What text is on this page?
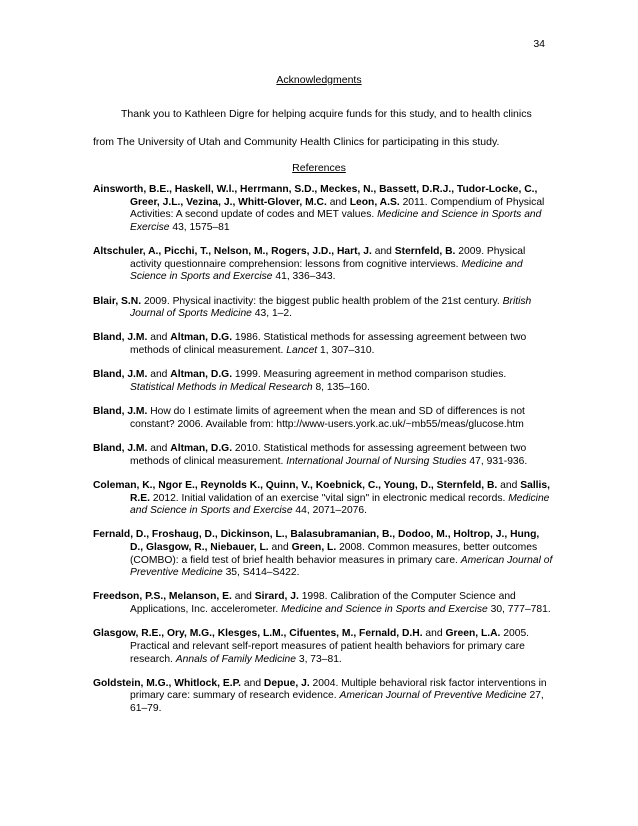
34
Acknowledgments

Thank you to Kathleen Digre for helping acquire funds for this study, and to health clinics from The University of Utah and Community Health Clinics for participating in this study.

References

Ainsworth, B.E., Haskell, W.l., Herrmann, S.D., Meckes, N., Bassett, D.R.J., Tudor-Locke, C., Greer, J.L., Vezina, J., Whitt-Glover, M.C. and Leon, A.S. 2011. Compendium of Physical Activities: A second update of codes and MET values. Medicine and Science in Sports and Exercise 43, 1575–81

Altschuler, A., Picchi, T., Nelson, M., Rogers, J.D., Hart, J. and Sternfeld, B. 2009. Physical activity questionnaire comprehension: lessons from cognitive interviews. Medicine and Science in Sports and Exercise 41, 336–343.

Blair, S.N. 2009. Physical inactivity: the biggest public health problem of the 21st century. British Journal of Sports Medicine 43, 1–2.

Bland, J.M. and Altman, D.G. 1986. Statistical methods for assessing agreement between two methods of clinical measurement. Lancet 1, 307–310.

Bland, J.M. and Altman, D.G. 1999. Measuring agreement in method comparison studies. Statistical Methods in Medical Research 8, 135–160.

Bland, J.M. How do I estimate limits of agreement when the mean and SD of differences is not constant? 2006. Available from: http://www-users.york.ac.uk/~mb55/meas/glucose.htm

Bland, J.M. and Altman, D.G. 2010. Statistical methods for assessing agreement between two methods of clinical measurement. International Journal of Nursing Studies 47, 931-936.

Coleman, K., Ngor E., Reynolds K., Quinn, V., Koebnick, C., Young, D., Sternfeld, B. and Sallis, R.E. 2012. Initial validation of an exercise "vital sign" in electronic medical records. Medicine and Science in Sports and Exercise 44, 2071–2076.

Fernald, D., Froshaug, D., Dickinson, L., Balasubramanian, B., Dodoo, M., Holtrop, J., Hung, D., Glasgow, R., Niebauer, L. and Green, L. 2008. Common measures, better outcomes (COMBO): a field test of brief health behavior measures in primary care. American Journal of Preventive Medicine 35, S414–S422.

Freedson, P.S., Melanson, E. and Sirard, J. 1998. Calibration of the Computer Science and Applications, Inc. accelerometer. Medicine and Science in Sports and Exercise 30, 777–781.

Glasgow, R.E., Ory, M.G., Klesges, L.M., Cifuentes, M., Fernald, D.H. and Green, L.A. 2005. Practical and relevant self-report measures of patient health behaviors for primary care research. Annals of Family Medicine 3, 73–81.

Goldstein, M.G., Whitlock, E.P. and Depue, J. 2004. Multiple behavioral risk factor interventions in primary care: summary of research evidence. American Journal of Preventive Medicine 27, 61–79.
